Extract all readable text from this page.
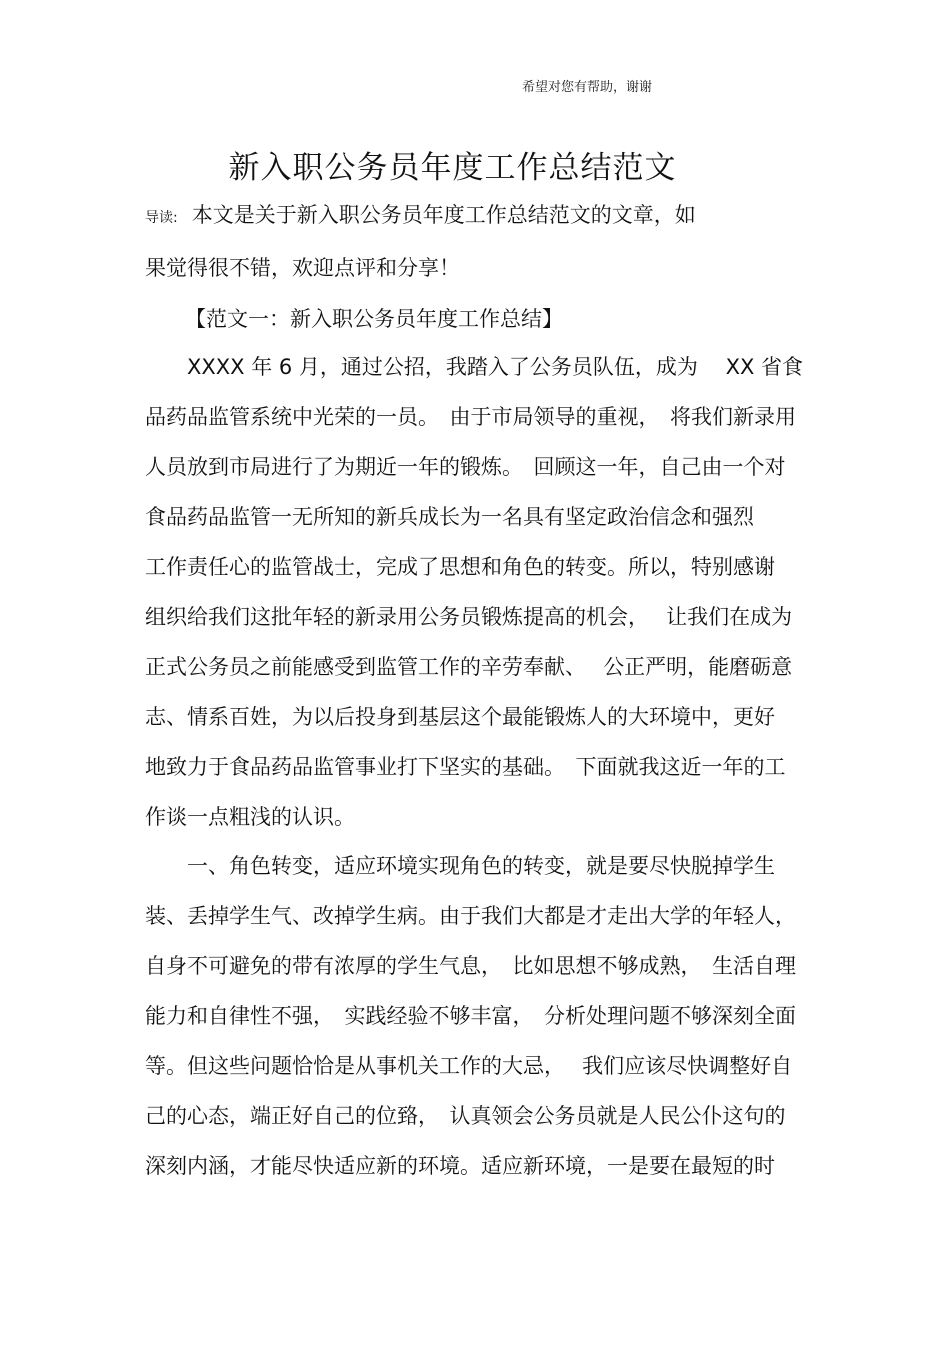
希望对您有帮助，谢谢
新入职公务员年度工作总结范文
导读: 本文是关于新入职公务员年度工作总结范文的文章，如
果觉得很不错，欢迎点评和分享！
【范文一：新入职公务员年度工作总结】
XXXX 年 6 月，通过公招，我踏入了公务员队伍，成为　 XX 省食
品药品监管系统中光荣的一员。　由于市局领导的重视，　将我们新录用
人员放到市局进行了为期近一年的锻炼。　回顾这一年，自己由一个对
食品药品监管一无所知的新兵成长为一名具有坚定政治信念和强烈
工作责任心的监管战士，完成了思想和角色的转变。所以，特别感谢
组织给我们这批年轻的新录用公务员锻炼提高的机会，　 让我们在成为
正式公务员之前能感受到监管工作的辛劳奉献、　 公正严明，能磨砺意
志、情系百姓，为以后投身到基层这个最能锻炼人的大环境中，更好
地致力于食品药品监管事业打下坚实的基础。　下面就我这近一年的工
作谈一点粗浅的认识。
一、角色转变，适应环境实现角色的转变，就是要尽快脱掉学生
装、丢掉学生气、改掉学生病。由于我们大都是才走出大学的年轻人，
自身不可避免的带有浓厚的学生气息，　比如思想不够成熟，　生活自理
能力和自律性不强，　实践经验不够丰富，　分析处理问题不够深刻全面
等。但这些问题恰恰是从事机关工作的大忌，　 我们应该尽快调整好自
己的心态，端正好自己的位臵，　认真领会公务员就是人民公仆这句的
深刻内涵，才能尽快适应新的环境。适应新环境，一是要在最短的时
